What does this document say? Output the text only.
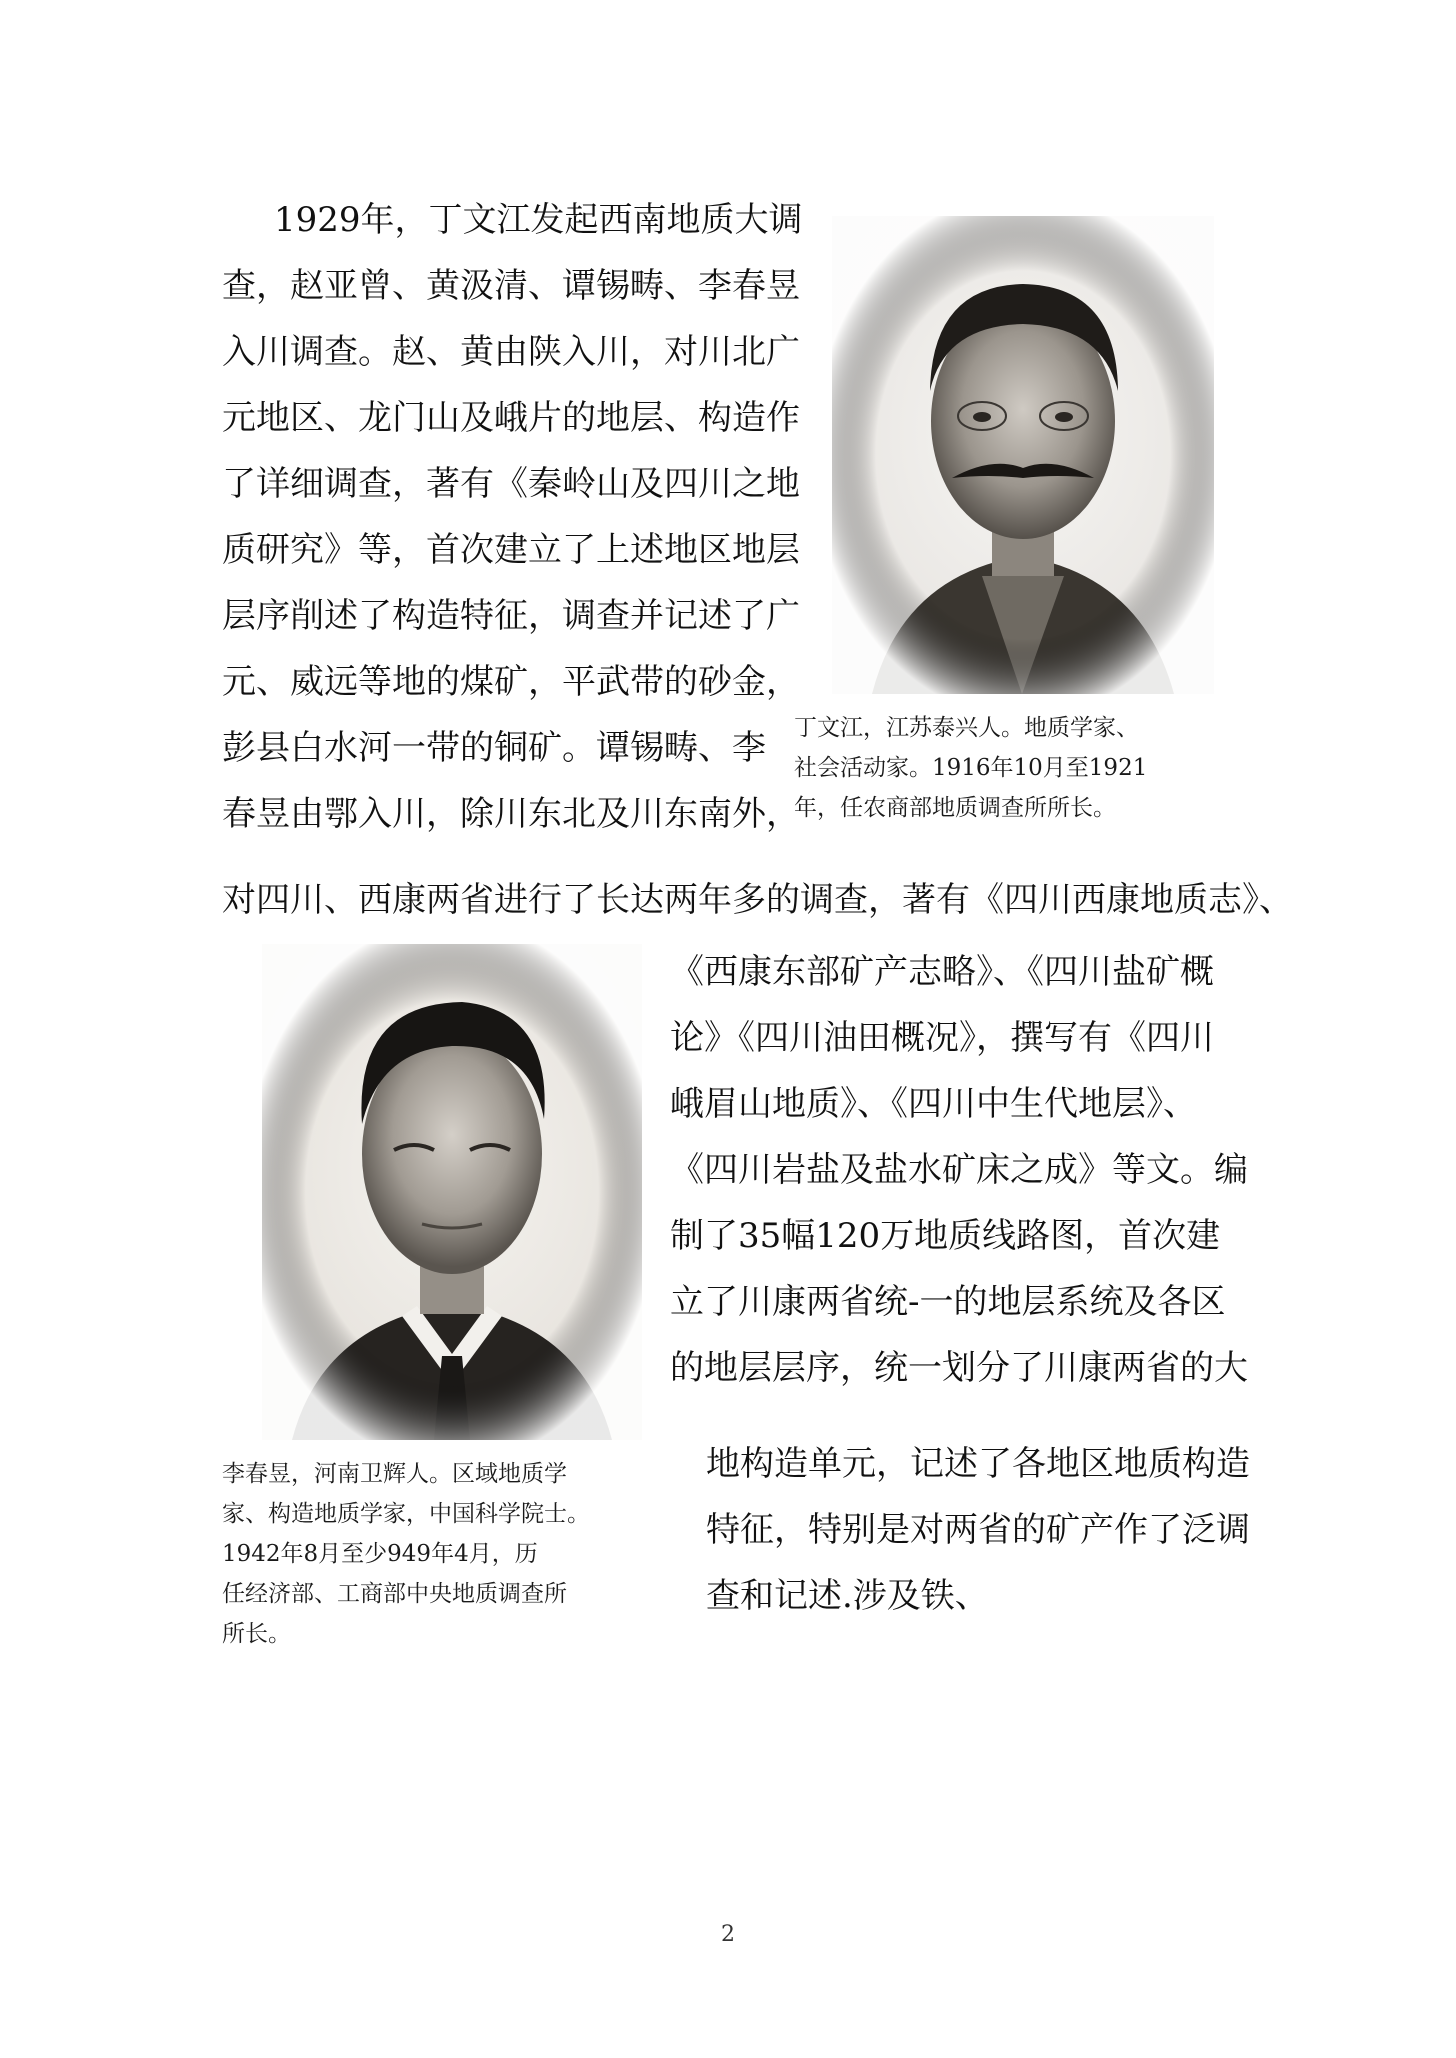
1929年，丁文江发起西南地质大调
查，赵亚曾、黄汲清、谭锡畴、李春昱
入川调查。赵、黄由陕入川，对川北广
元地区、龙门山及峨片的地层、构造作
了详细调查，著有《秦岭山及四川之地
质研究》等，首次建立了上述地区地层
层序削述了构造特征，调查并记述了广
元、威远等地的煤矿，平武带的砂金，
彭县白水河一带的铜矿。谭锡畴、李
春昱由鄂入川，除川东北及川东南外，
对四川、西康两省进行了长达两年多的调查，著有《四川西康地质志》、
《西康东部矿产志略》、《四川盐矿概
论》《四川油田概况》，撰写有《四川
峨眉山地质》、《四川中生代地层》、
《四川岩盐及盐水矿床之成》等文。编
制了35幅120万地质线路图，首次建
立了川康两省统-一的地层系统及各区
的地层层序，统一划分了川康两省的大
地构造单元，记述了各地区地质构造
特征，特别是对两省的矿产作了泛调
查和记述.涉及铁、
丁文江，江苏泰兴人。地质学家、
社会活动家。1916年10月至1921
年，任农商部地质调查所所长。
李春昱，河南卫辉人。区域地质学
家、构造地质学家，中国科学院士。
1942年8月至少949年4月，历
任经济部、工商部中央地质调查所
所长。
2
